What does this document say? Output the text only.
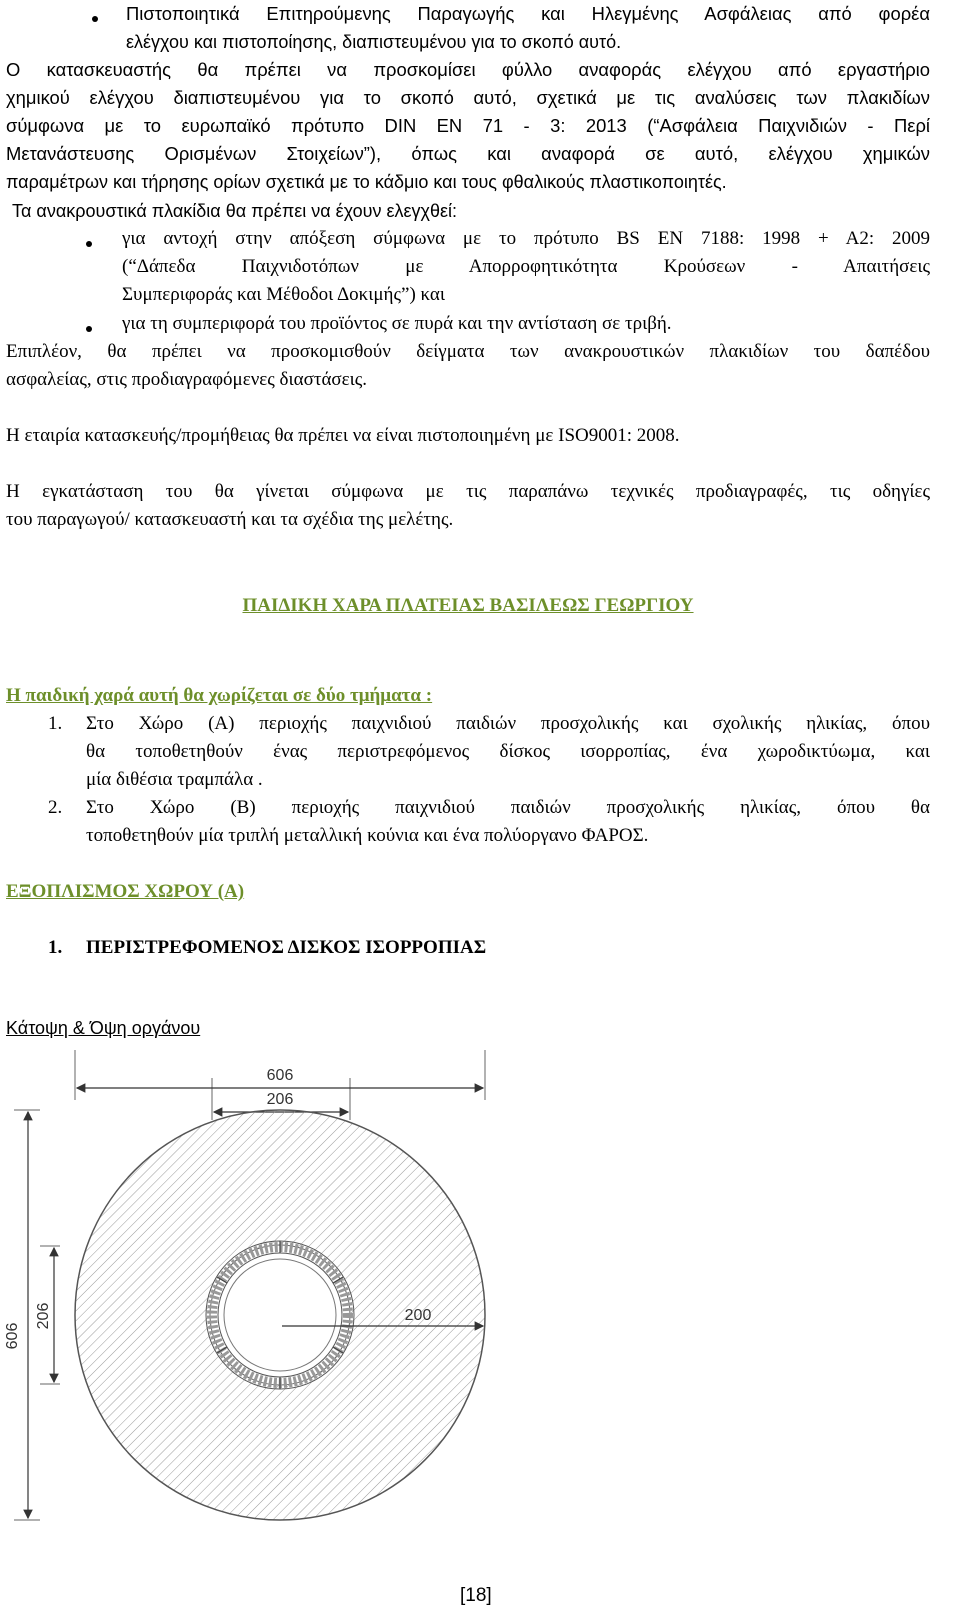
Πιστοποιητικά Επιτηρούμενης Παραγωγής και Ηλεγμένης Ασφάλειας από φορέα
ελέγχου και πιστοποίησης, διαπιστευμένου για το σκοπό αυτό.
Ο κατασκευαστής θα πρέπει να προσκομίσει φύλλο αναφοράς ελέγχου από εργαστήριο
χημικού ελέγχου διαπιστευμένου για το σκοπό αυτό, σχετικά με τις αναλύσεις των πλακιδίων
σύμφωνα με το ευρωπαϊκό πρότυπο DIN EN 71 - 3: 2013 (“Ασφάλεια Παιχνιδιών - Περί
Μετανάστευσης Ορισμένων Στοιχείων”), όπως και αναφορά σε αυτό, ελέγχου χημικών
παραμέτρων και τήρησης ορίων σχετικά με το κάδμιο και τους φθαλικούς πλαστικοποιητές.
Τα ανακρουστικά πλακίδια θα πρέπει να έχουν ελεγχθεί:
για αντοχή στην απόξεση σύμφωνα με το πρότυπο BS EN 7188: 1998 + A2: 2009
(“Δάπεδα Παιχνιδοτόπων με Απορροφητικότητα Κρούσεων - Απαιτήσεις
Συμπεριφοράς και Μέθοδοι Δοκιμής”) και
για τη συμπεριφορά του προϊόντος σε πυρά και την αντίσταση σε τριβή.
Επιπλέον, θα πρέπει να προσκομισθούν δείγματα των ανακρουστικών πλακιδίων του δαπέδου
ασφαλείας, στις προδιαγραφόμενες διαστάσεις.
Η εταιρία κατασκευής/προμήθειας θα πρέπει να είναι πιστοποιημένη με ISO9001: 2008.
Η εγκατάσταση του θα γίνεται σύμφωνα με τις παραπάνω τεχνικές προδιαγραφές, τις οδηγίες
του παραγωγού/ κατασκευαστή και τα σχέδια της μελέτης.
ΠΑΙΔΙΚΗ ΧΑΡΑ ΠΛΑΤΕΙΑΣ ΒΑΣΙΛΕΩΣ ΓΕΩΡΓΙΟΥ
Η παιδική χαρά αυτή θα χωρίζεται σε δύο τμήματα :
1. Στο Χώρο (Α) περιοχής παιχνιδιού παιδιών προσχολικής και σχολικής ηλικίας, όπου
θα τοποθετηθούν ένας περιστρεφόμενος δίσκος ισορροπίας, ένα χωροδικτύωμα, και
μία διθέσια τραμπάλα .
2. Στο Χώρο (Β) περιοχής παιχνιδιού παιδιών προσχολικής ηλικίας, όπου θα
τοποθετηθούν μία τριπλή μεταλλική κούνια και ένα πολύοργανο ΦΑΡΟΣ.
ΕΞΟΠΛΙΣΜΟΣ ΧΩΡΟΥ (Α)
1. ΠΕΡΙΣΤΡΕΦΟΜΕΝΟΣ ΔΙΣΚΟΣ ΙΣΟΡΡΟΠΙΑΣ
Κάτοψη & Όψη οργάνου
606
206
606
206	200
[18]
